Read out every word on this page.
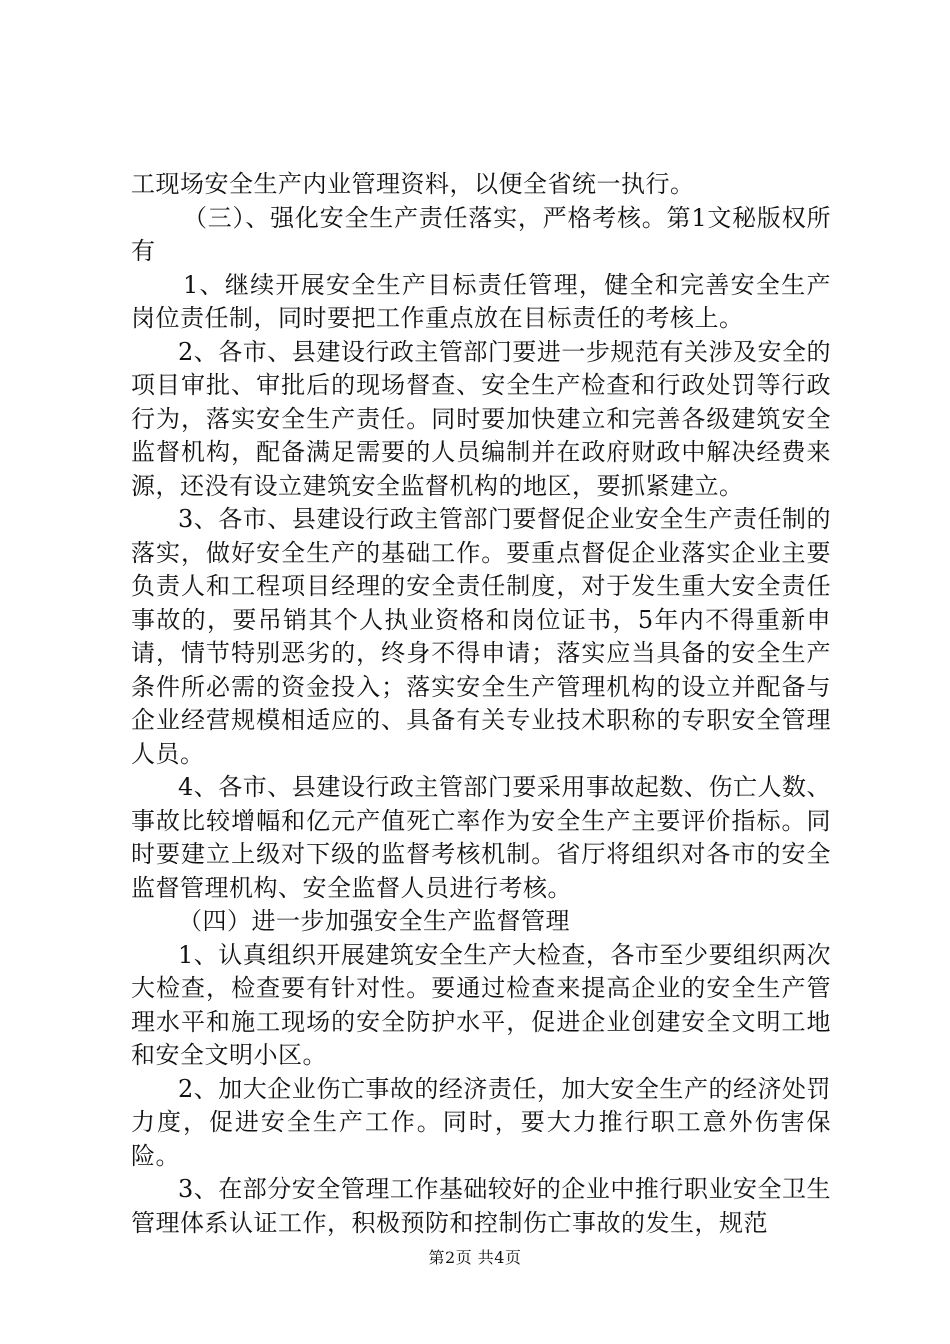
工现场安全生产内业管理资料，以便全省统一执行。

（三）、强化安全生产责任落实，严格考核。第1文秘版权所有

1、继续开展安全生产目标责任管理，健全和完善安全生产岗位责任制，同时要把工作重点放在目标责任的考核上。

2、各市、县建设行政主管部门要进一步规范有关涉及安全的项目审批、审批后的现场督查、安全生产检查和行政处罚等行政行为，落实安全生产责任。同时要加快建立和完善各级建筑安全监督机构，配备满足需要的人员编制并在政府财政中解决经费来源，还没有设立建筑安全监督机构的地区，要抓紧建立。

3、各市、县建设行政主管部门要督促企业安全生产责任制的落实，做好安全生产的基础工作。要重点督促企业落实企业主要负责人和工程项目经理的安全责任制度，对于发生重大安全责任事故的，要吊销其个人执业资格和岗位证书，5年内不得重新申请，情节特别恶劣的，终身不得申请；落实应当具备的安全生产条件所必需的资金投入；落实安全生产管理机构的设立并配备与企业经营规模相适应的、具备有关专业技术职称的专职安全管理人员。

4、各市、县建设行政主管部门要采用事故起数、伤亡人数、事故比较增幅和亿元产值死亡率作为安全生产主要评价指标。同时要建立上级对下级的监督考核机制。省厅将组织对各市的安全监督管理机构、安全监督人员进行考核。

（四）进一步加强安全生产监督管理

1、认真组织开展建筑安全生产大检查，各市至少要组织两次大检查，检查要有针对性。要通过检查来提高企业的安全生产管理水平和施工现场的安全防护水平，促进企业创建安全文明工地和安全文明小区。

2、加大企业伤亡事故的经济责任，加大安全生产的经济处罚力度，促进安全生产工作。同时，要大力推行职工意外伤害保险。

3、在部分安全管理工作基础较好的企业中推行职业安全卫生管理体系认证工作，积极预防和控制伤亡事故的发生，规范

第2页 共4页
